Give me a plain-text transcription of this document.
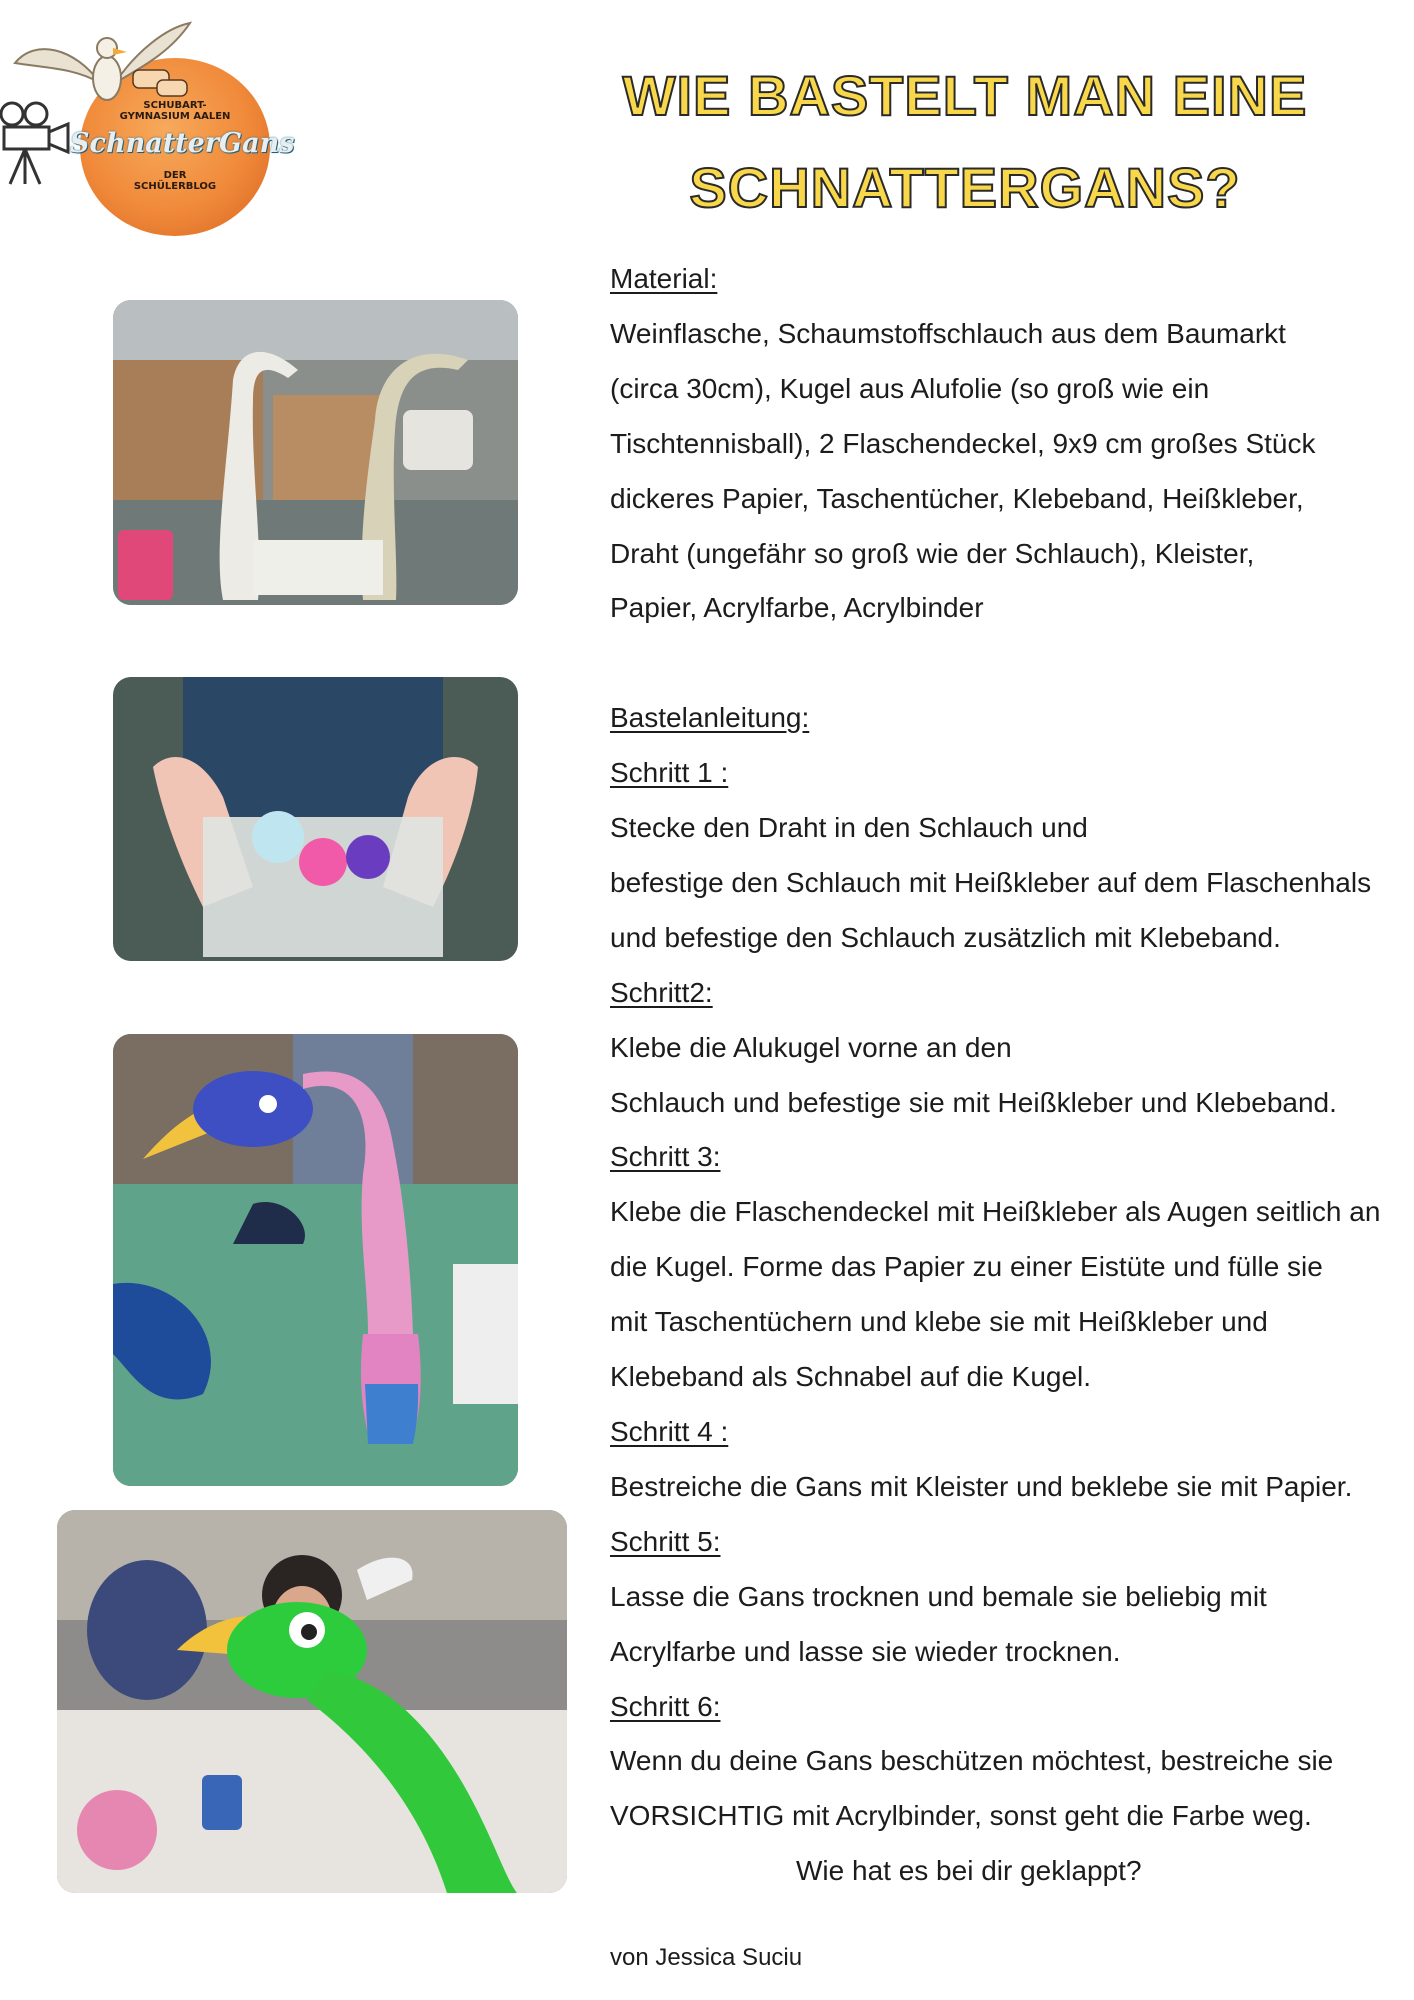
SCHUBART-GYMNASIUM AALEN
SchnatterGans
DER SCHÜLERBLOG
WIE BASTELT MAN EINE
SCHNATTERGANS?

Material:

Weinflasche, Schaumstoffschlauch aus dem Baumarkt

(circa 30cm), Kugel aus Alufolie (so groß wie ein

Tischtennisball), 2 Flaschendeckel, 9x9 cm großes Stück

dickeres Papier, Taschentücher, Klebeband, Heißkleber,

Draht (ungefähr so groß wie der Schlauch), Kleister,

Papier, Acrylfarbe, Acrylbinder

Bastelanleitung:

Schritt 1 :

Stecke den Draht in den Schlauch und

befestige den Schlauch mit Heißkleber auf dem Flaschenhals

und befestige den Schlauch zusätzlich mit Klebeband.

Schritt2:

Klebe die Alukugel vorne an den

Schlauch und befestige sie mit Heißkleber und Klebeband.

Schritt 3:

Klebe die Flaschendeckel mit Heißkleber als Augen seitlich an

die Kugel. Forme das Papier zu einer Eistüte und fülle sie

mit Taschentüchern und klebe sie mit Heißkleber und

Klebeband als Schnabel auf die Kugel.

Schritt 4 :

Bestreiche die Gans mit Kleister und beklebe sie mit Papier.

Schritt 5:

Lasse die Gans trocknen und bemale sie beliebig mit

Acrylfarbe und lasse sie wieder trocknen.

Schritt 6:

Wenn du deine Gans beschützen möchtest, bestreiche sie

VORSICHTIG mit Acrylbinder, sonst geht die Farbe weg.

Wie hat es bei dir geklappt?

von Jessica Suciu
